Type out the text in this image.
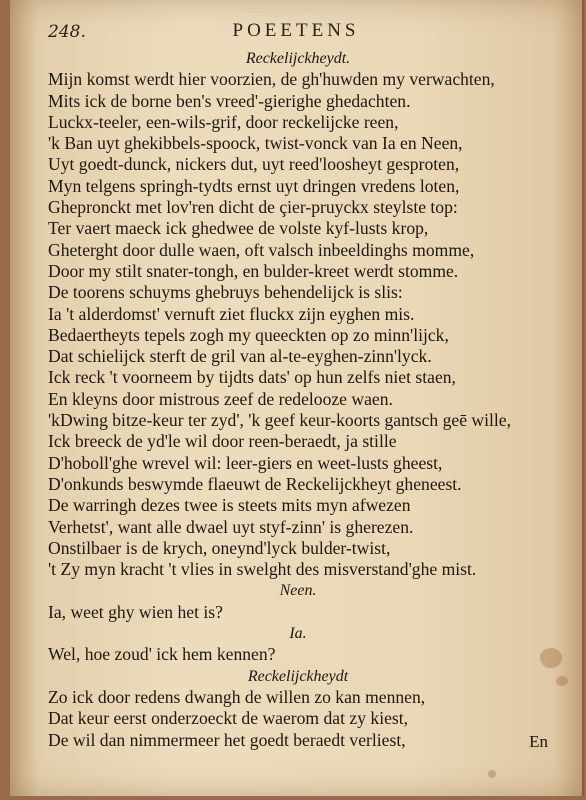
248.	POEETENS
Reckelijckheydt.
Mijn komst werdt hier voorzien, de gh'huwden my verwachten,
Mits ick de borne ben's vreed'-gierighe ghedachten.
Luckx-teeler, een-wils-grif, door reckelijcke reen,
'k Ban uyt ghekibbels-spoock, twist-vonck van Ia en Neen,
Uyt goedt-dunck, nickers dut, uyt reed'loosheyt gesproten,
Myn telgens springh-tydts ernst uyt dringen vredens loten,
Ghepronckt met lov'ren dicht de çier-pruyckx steylste top:
Ter vaert maeck ick ghedwee de volste kyf-lusts krop,
Gheterght door dulle waen, oft valsch inbeeldinghs momme,
Door my stilt snater-tongh, en bulder-kreet werdt stomme.
De toorens schuyms ghebruys behendelijck is slis:
Ia 't alderdomst' vernuft ziet fluckx zijn eyghen mis.
Bedaertheyts tepels zogh my queeckten op zo minn'lijck,
Dat schielijck sterft de gril van al-te-eyghen-zinn'lyck.
Ick reck 't voorneem by tijdts dats' op hun zelfs niet staen,
En kleyns door mistrous zeef de redelooze waen.
'kDwing bitze-keur ter zyd', 'k geef keur-koorts gantsch geē wille,
Ick breeck de yd'le wil door reen-beraedt, ja stille
D'hoboll'ghe wrevel wil: leer-giers en weet-lusts gheest,
D'onkunds beswymde flaeuwt de Reckelijckheyt gheneest.
De warringh dezes twee is steets mits myn afwezen
Verhetst', want alle dwael uyt styf-zinn' is gherezen.
Onstilbaer is de krych, oneynd'lyck bulder-twist,
't Zy myn kracht 't vlies in swelght des misverstand'ghe mist.
Neen.
Ia, weet ghy wien het is?
Ia.
Wel, hoe zoud' ick hem kennen?
Reckelijckheydt
Zo ick door redens dwangh de willen zo kan mennen,
Dat keur eerst onderzoeckt de waerom dat zy kiest,
De wil dan nimmermeer het goedt beraedt verliest,	En
